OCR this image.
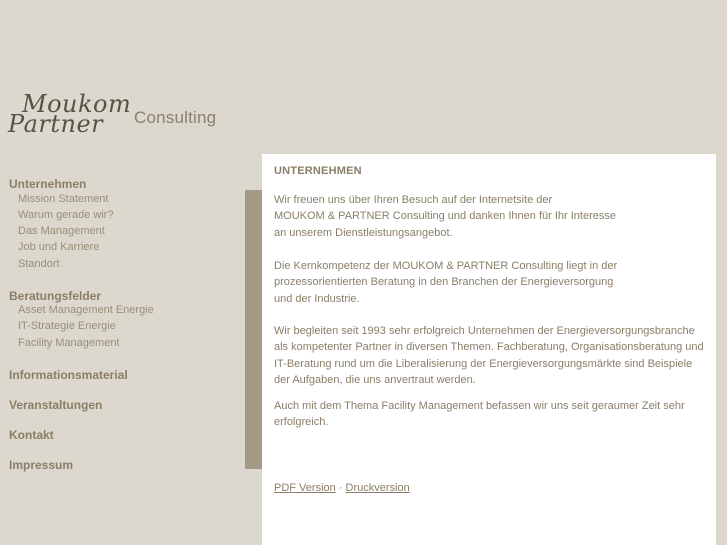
Moukom
Partner Consulting
Unternehmen
Mission Statement
Warum gerade wir?
Das Management
Job und Karriere
Standort
Beratungsfelder
Asset Management Energie
IT-Strategie Energie
Facility Management
Informationsmaterial
Veranstaltungen
Kontakt
Impressum
UNTERNEHMEN
Wir freuen uns über Ihren Besuch auf der Internetsite der
MOUKOM & PARTNER Consulting und danken Ihnen für Ihr Interesse
an unserem Dienstleistungsangebot.
Die Kernkompetenz der MOUKOM & PARTNER Consulting liegt in der
prozessorientierten Beratung in den Branchen der Energieversorgung
und der Industrie.
Wir begleiten seit 1993 sehr erfolgreich Unternehmen der Energieversorgungsbranche
als kompetenter Partner in diversen Themen. Fachberatung, Organisationsberatung und
IT-Beratung rund um die Liberalisierung der Energieversorgungsmärkte sind Beispiele
der Aufgaben, die uns anvertraut werden.
Auch mit dem Thema Facility Management befassen wir uns seit geraumer Zeit sehr
erfolgreich.
PDF Version · Druckversion
